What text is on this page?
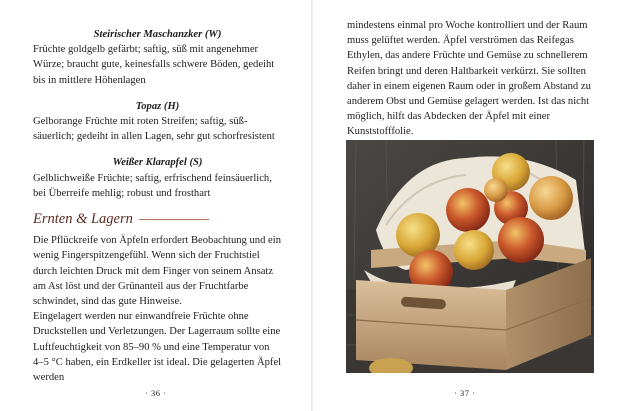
Steirischer Maschanzker (W)

Früchte goldgelb gefärbt; saftig, süß mit angenehmer Würze; braucht gute, keinesfalls schwere Böden, gedeiht bis in mittlere Höhenlagen

Topaz (H)

Gelborange Früchte mit roten Streifen; saftig, süß-säuerlich; gedeiht in allen Lagen, sehr gut schorfresistent

Weißer Klarapfel (S)

Gelblichweiße Früchte; saftig, erfrischend feinsäuerlich, bei Überreife mehlig; robust und frosthart

Ernten & Lagern

Die Pflückreife von Äpfeln erfordert Beobachtung und ein wenig Fingerspitzengefühl. Wenn sich der Fruchtstiel durch leichten Druck mit dem Finger von seinem Ansatz am Ast löst und der Grünanteil aus der Fruchtfarbe schwindet, sind das gute Hinweise.

Eingelagert werden nur einwandfreie Früchte ohne Druckstellen und Verletzungen. Der Lagerraum sollte eine Luftfeuchtigkeit von 85–90 % und eine Temperatur von 4–5 °C haben, ein Erdkeller ist ideal. Die gelagerten Äpfel werden

· 36 ·

mindestens einmal pro Woche kontrolliert und der Raum muss gelüftet werden. Äpfel verströmen das Reifegas Ethylen, das andere Früchte und Gemüse zu schnellerem Reifen bringt und deren Haltbarkeit verkürzt. Sie sollten daher in einem eigenen Raum oder in großem Abstand zu anderem Obst und Gemüse gelagert werden. Ist das nicht möglich, hilft das Abdecken der Äpfel mit einer Kunststofffolie.

· 37 ·
